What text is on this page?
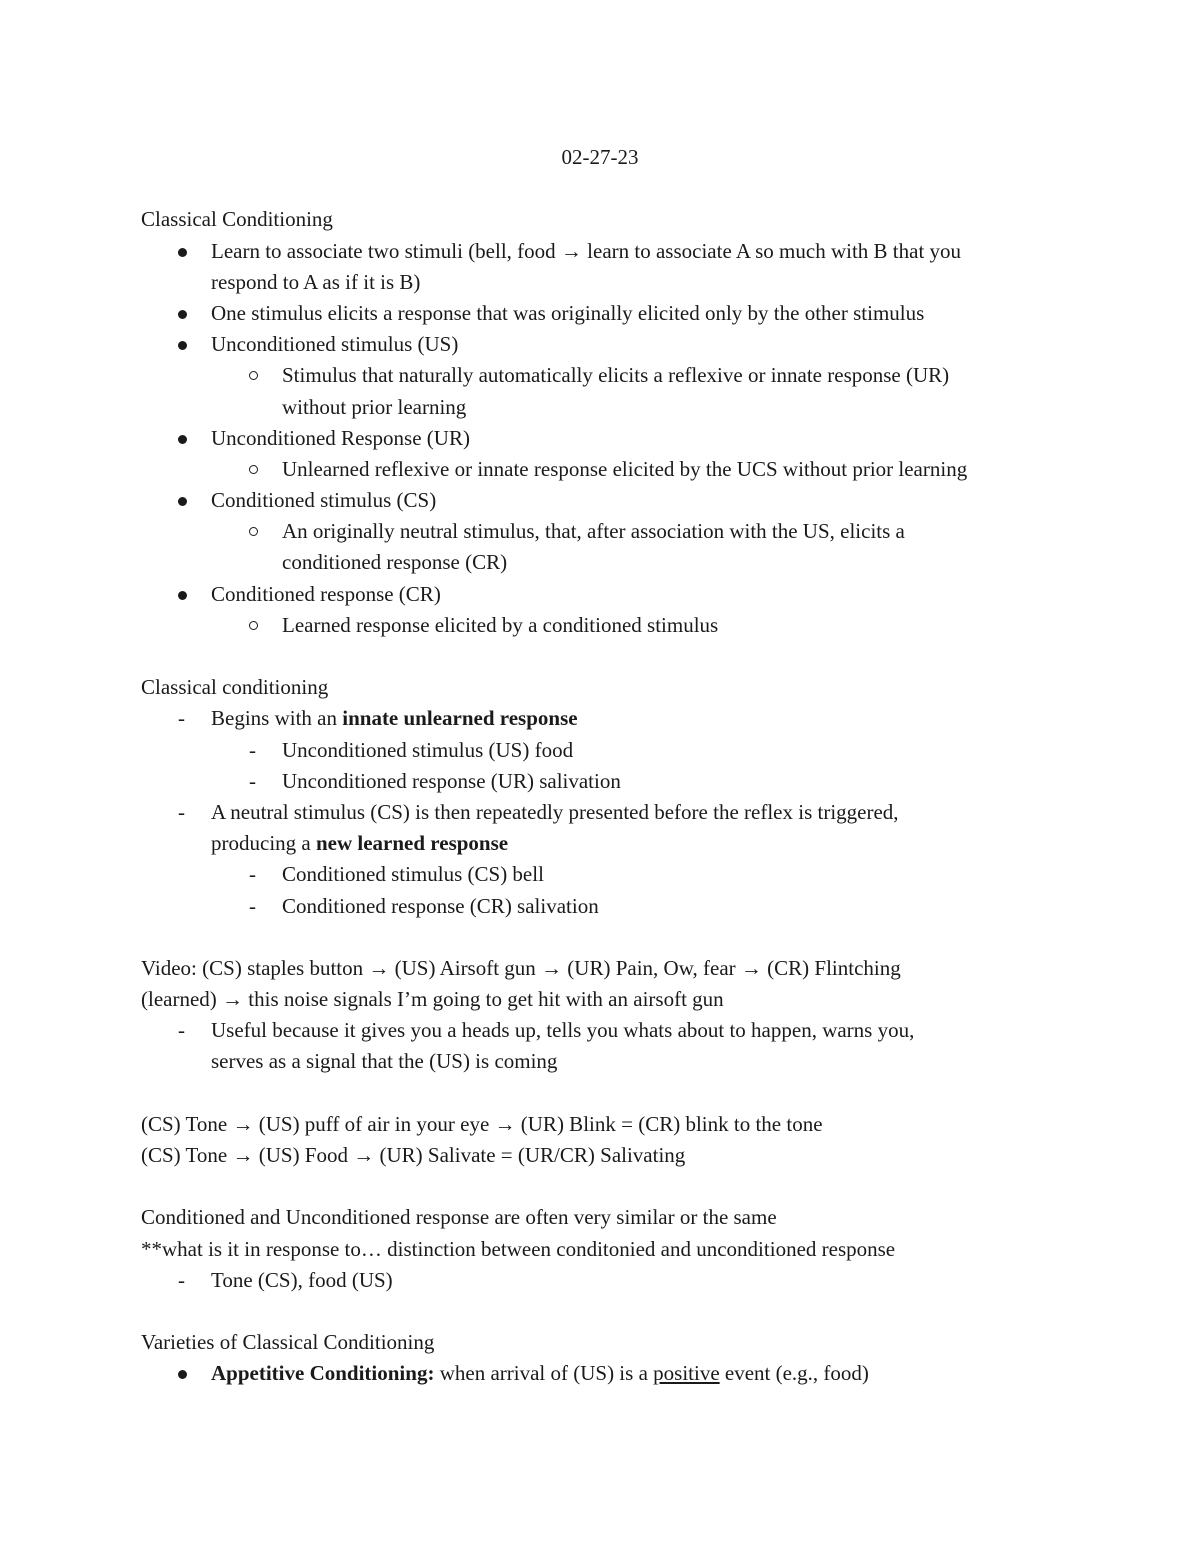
02-27-23
Classical Conditioning
Learn to associate two stimuli (bell, food → learn to associate A so much with B that you
respond to A as if it is B)
One stimulus elicits a response that was originally elicited only by the other stimulus
Unconditioned stimulus (US)
Stimulus that naturally automatically elicits a reflexive or innate response (UR)
without prior learning
Unconditioned Response (UR)
Unlearned reflexive or innate response elicited by the UCS without prior learning
Conditioned stimulus (CS)
An originally neutral stimulus, that, after association with the US, elicits a
conditioned response (CR)
Conditioned response (CR)
Learned response elicited by a conditioned stimulus
Classical conditioning
- Begins with an innate unlearned response
- Unconditioned stimulus (US) food
- Unconditioned response (UR) salivation
- A neutral stimulus (CS) is then repeatedly presented before the reflex is triggered,
producing a new learned response
- Conditioned stimulus (CS) bell
- Conditioned response (CR) salivation
Video: (CS) staples button → (US) Airsoft gun → (UR) Pain, Ow, fear → (CR) Flintching
(learned) → this noise signals I’m going to get hit with an airsoft gun
- Useful because it gives you a heads up, tells you whats about to happen, warns you,
serves as a signal that the (US) is coming
(CS) Tone → (US) puff of air in your eye → (UR) Blink = (CR) blink to the tone
(CS) Tone → (US) Food → (UR) Salivate = (UR/CR) Salivating
Conditioned and Unconditioned response are often very similar or the same
**what is it in response to… distinction between conditonied and unconditioned response
- Tone (CS), food (US)
Varieties of Classical Conditioning
Appetitive Conditioning: when arrival of (US) is a positive event (e.g., food)
